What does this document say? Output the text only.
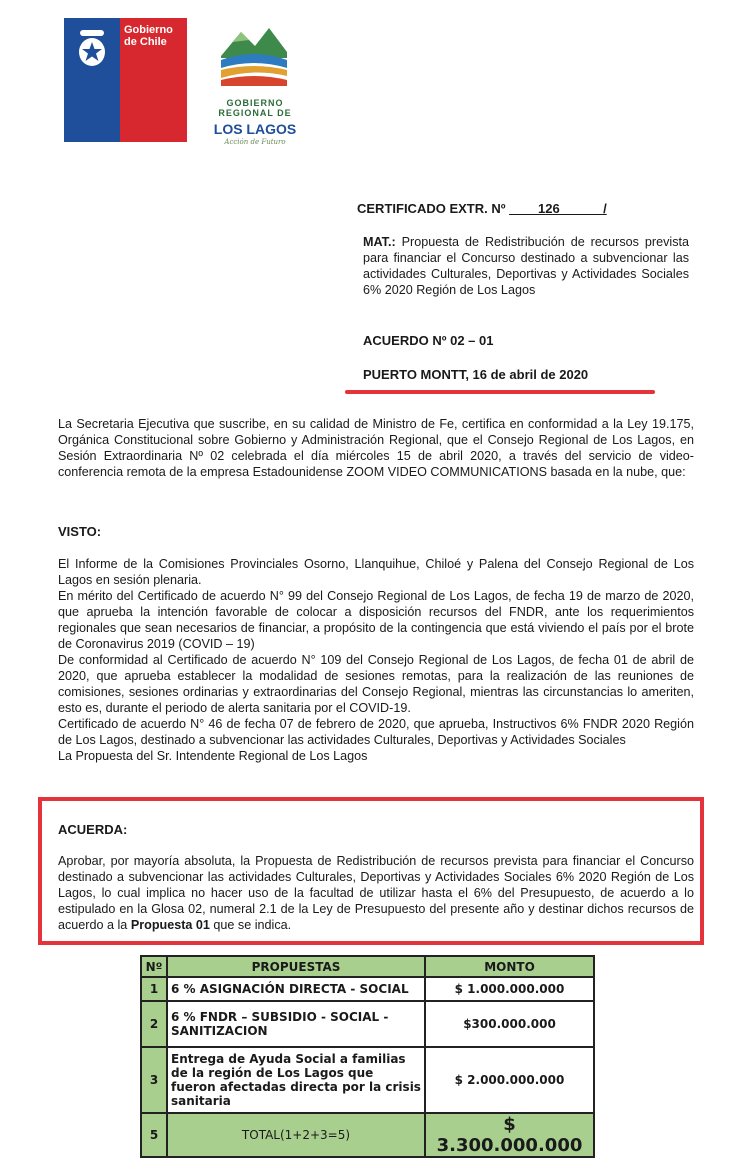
Gobierno de Chile
GOBIERNO
REGIONAL DE
LOS LAGOS
Acción de Futuro
CERTIFICADO EXTR. Nº ____126______/
MAT.: Propuesta de Redistribución de recursos prevista para financiar el Concurso destinado a subvencionar las actividades Culturales, Deportivas y Actividades Sociales 6% 2020 Región de Los Lagos
ACUERDO Nº 02 – 01
PUERTO MONTT, 16 de abril de 2020
La Secretaria Ejecutiva que suscribe, en su calidad de Ministro de Fe, certifica en conformidad a la Ley 19.175, Orgánica Constitucional sobre Gobierno y Administración Regional, que el Consejo Regional de Los Lagos, en Sesión Extraordinaria Nº 02 celebrada el día miércoles 15 de abril 2020, a través del servicio de video-conferencia remota de la empresa Estadounidense ZOOM VIDEO COMMUNICATIONS basada en la nube, que:
VISTO:
El Informe de la Comisiones Provinciales Osorno, Llanquihue, Chiloé y Palena del Consejo Regional de Los Lagos en sesión plenaria.
En mérito del Certificado de acuerdo N° 99 del Consejo Regional de Los Lagos, de fecha 19 de marzo de 2020, que aprueba la intención favorable de colocar a disposición recursos del FNDR, ante los requerimientos regionales que sean necesarios de financiar, a propósito de la contingencia que está viviendo el país por el brote de Coronavirus 2019 (COVID – 19)
De conformidad al Certificado de acuerdo N° 109 del Consejo Regional de Los Lagos, de fecha 01 de abril de 2020, que aprueba establecer la modalidad de sesiones remotas, para la realización de las reuniones de comisiones, sesiones ordinarias y extraordinarias del Consejo Regional, mientras las circunstancias lo ameriten, esto es, durante el periodo de alerta sanitaria por el COVID-19.
Certificado de acuerdo N° 46 de fecha 07 de febrero de 2020, que aprueba, Instructivos 6% FNDR 2020 Región de Los Lagos, destinado a subvencionar las actividades Culturales, Deportivas y Actividades Sociales
La Propuesta del Sr. Intendente Regional de Los Lagos
ACUERDA:
Aprobar, por mayoría absoluta, la Propuesta de Redistribución de recursos prevista para financiar el Concurso destinado a subvencionar las actividades Culturales, Deportivas y Actividades Sociales 6% 2020 Región de Los Lagos, lo cual implica no hacer uso de la facultad de utilizar hasta el 6% del Presupuesto, de acuerdo a lo estipulado en la Glosa 02, numeral 2.1 de la Ley de Presupuesto del presente año y destinar dichos recursos de acuerdo a la Propuesta 01 que se indica.
Nº	PROPUESTAS	MONTO
1	6 % ASIGNACIÓN DIRECTA - SOCIAL	$ 1.000.000.000
2	6 % FNDR – SUBSIDIO - SOCIAL - SANITIZACION	$300.000.000
3	Entrega de Ayuda Social a familias de la región de Los Lagos que fueron afectadas directa por la crisis sanitaria	$ 2.000.000.000
5	TOTAL(1+2+3=5)	$ 3.300.000.000
